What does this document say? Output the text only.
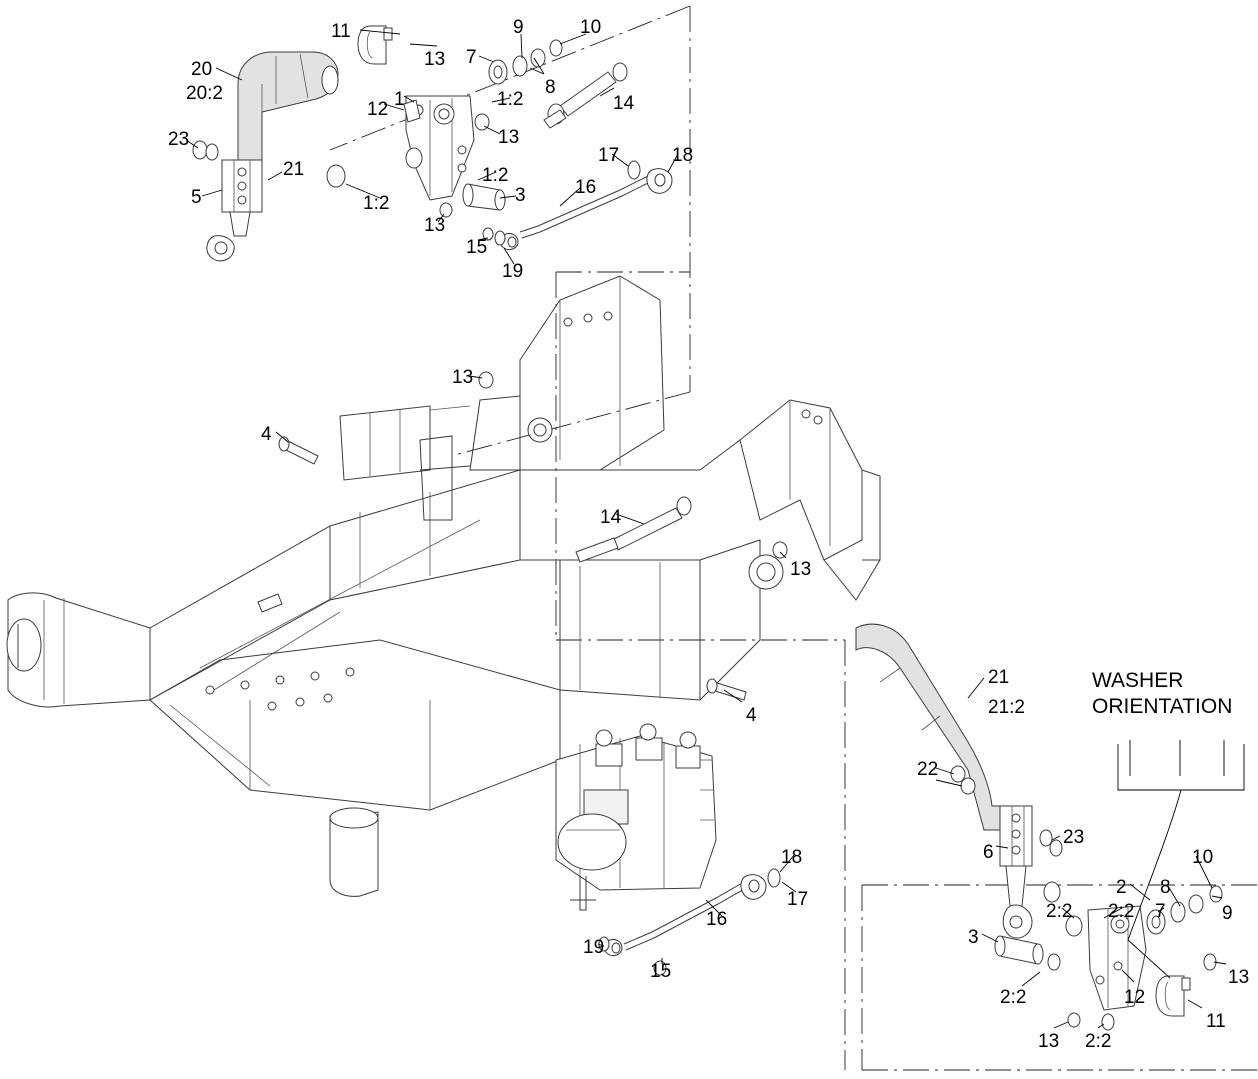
WASHER
ORIENTATION
11
13
9	10
7
8
20
20:2
12 1	1:2	14
13
23
21	1:2
17	18
16
5	1:2	3
13
15
19
13
4
14
13
4
21
21:2
22
23
6
18
17
10
2 8
9
2:2
16	2:2	7
3
19
15	13
12
2:2
11
13 2:2
